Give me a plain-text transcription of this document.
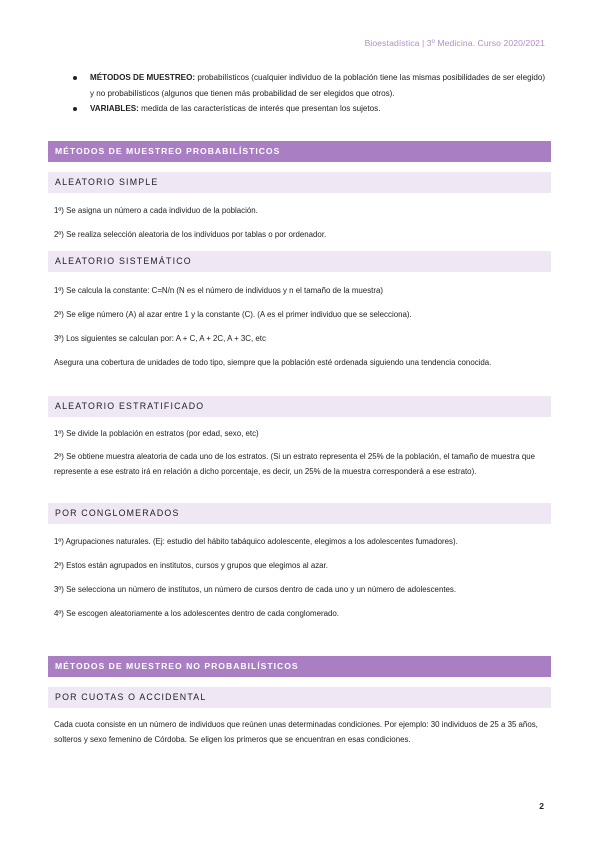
Bioestadística | 3º Medicina. Curso 2020/2021
MÉTODOS DE MUESTREO: probabilísticos (cualquier individuo de la población tiene las mismas posibilidades de ser elegido) y no probabilísticos (algunos que tienen más probabilidad de ser elegidos que otros).
VARIABLES: medida de las características de interés que presentan los sujetos.
MÉTODOS DE MUESTREO PROBABILÍSTICOS
ALEATORIO SIMPLE
1º) Se asigna un número a cada individuo de la población.
2º) Se realiza selección aleatoria de los individuos por tablas o por ordenador.
ALEATORIO SISTEMÁTICO
1º) Se calcula la constante: C=N/n (N es el número de individuos y n el tamaño de la muestra)
2º) Se elige número (A) al azar entre 1 y la constante (C). (A es el primer individuo que se selecciona).
3º) Los siguientes se calculan por: A + C, A + 2C, A + 3C, etc
Asegura una cobertura de unidades de todo tipo, siempre que la población esté ordenada siguiendo una tendencia conocida.
ALEATORIO ESTRATIFICADO
1º) Se divide la población en estratos (por edad, sexo, etc)
2º) Se obtiene muestra aleatoria de cada uno de los estratos. (Si un estrato representa el 25% de la población, el tamaño de muestra que represente a ese estrato irá en relación a dicho porcentaje, es decir, un 25% de la muestra corresponderá a ese estrato).
POR CONGLOMERADOS
1º) Agrupaciones naturales. (Ej: estudio del hábito tabáquico adolescente, elegimos a los adolescentes fumadores).
2º) Estos están agrupados en institutos, cursos y grupos que elegimos al azar.
3º) Se selecciona un número de institutos, un número de cursos dentro de cada uno y un número de adolescentes.
4º) Se escogen aleatoriamente a los adolescentes dentro de cada conglomerado.
MÉTODOS DE MUESTREO NO PROBABILÍSTICOS
POR CUOTAS O ACCIDENTAL
Cada cuota consiste en un número de individuos que reúnen unas determinadas condiciones. Por ejemplo: 30 individuos de 25 a 35 años, solteros y sexo femenino de Córdoba. Se eligen los primeros que se encuentran en esas condiciones.
2
